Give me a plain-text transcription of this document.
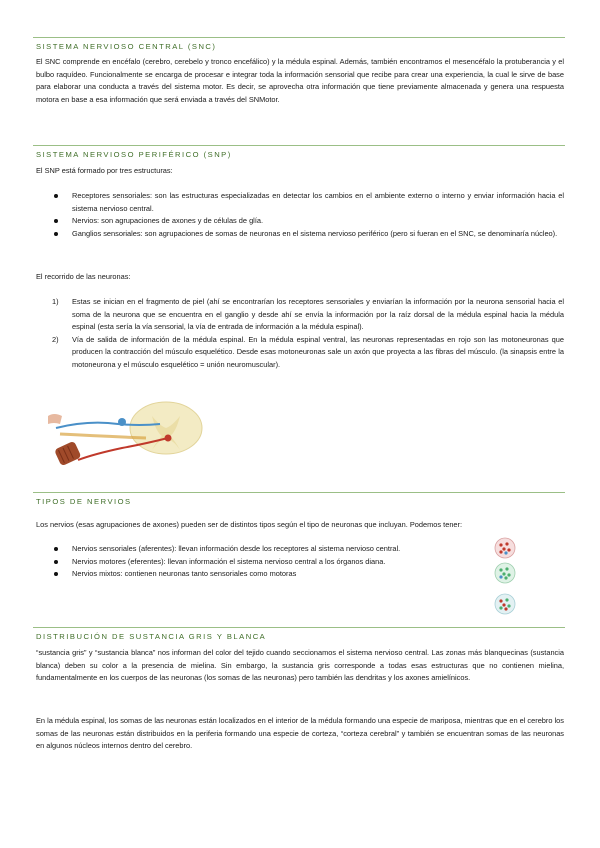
SISTEMA NERVIOSO CENTRAL (SNC)

El SNC comprende en encéfalo (cerebro, cerebelo y tronco encefálico) y la médula espinal. Además, también encontramos el mesencéfalo la protuberancia y el bulbo raquídeo. Funcionalmente se encarga de procesar e integrar toda la información sensorial que recibe para crear una experiencia, la cual le sirve de base para elaborar una conducta a través del sistema motor. Es decir, se aprovecha otra información que tiene previamente almacenada y genera una respuesta motora en base a esa información que será enviada a través del SNMotor.

SISTEMA NERVIOSO PERIFÉRICO (SNP)
El SNP está formado por tres estructuras:
Receptores sensoriales: son las estructuras especializadas en detectar los cambios en el ambiente externo o interno y enviar información hacia el sistema nervioso central.
Nervios: son agrupaciones de axones y de células de glía.
Ganglios sensoriales: son agrupaciones de somas de neuronas en el sistema nervioso periférico (pero si fueran en el SNC, se denominaría núcleo).
El recorrido de las neuronas:
1) Estas se inician en el fragmento de piel (ahí se encontrarían los receptores sensoriales y enviarían la información por la neurona sensorial hacia el soma de la neurona que se encuentra en el ganglio y desde ahí se envía la información por la raíz dorsal de la médula espinal hacia la médula espinal (esta sería la vía sensorial, la vía de entrada de información a la médula espinal).
2) Vía de salida de información de la médula espinal. En la médula espinal ventral, las neuronas representadas en rojo son las motoneuronas que producen la contracción del músculo esquelético. Desde esas motoneuronas sale un axón que proyecta a las fibras del músculo. (la sinapsis entre la motoneurona y el músculo esquelético = unión neuromuscular).
TIPOS DE NERVIOS
Los nervios (esas agrupaciones de axones) pueden ser de distintos tipos según el tipo de neuronas que incluyan. Podemos tener:
Nervios sensoriales (aferentes): llevan información desde los receptores al sistema nervioso central.
Nervios motores (eferentes): llevan información el sistema nervioso central a los órganos diana.
Nervios mixtos: contienen neuronas tanto sensoriales como motoras
DISTRIBUCIÓN DE SUSTANCIA GRIS Y BLANCA

“sustancia gris” y “sustancia blanca” nos informan del color del tejido cuando seccionamos el sistema nervioso central. Las zonas más blanquecinas (sustancia blanca) deben su color a la presencia de mielina. Sin embargo, la sustancia gris corresponde a todas esas estructuras que no contienen mielina, fundamentalmente en los cuerpos de las neuronas (los somas de las neuronas) pero también las dendritas y los axones amielínicos.

En la médula espinal, los somas de las neuronas están localizados en el interior de la médula formando una especie de mariposa, mientras que en el cerebro los somas de las neuronas están distribuidos en la periferia formando una especie de corteza, “corteza cerebral” y también se encuentran somas de las neuronas en algunos núcleos internos dentro del cerebro.
